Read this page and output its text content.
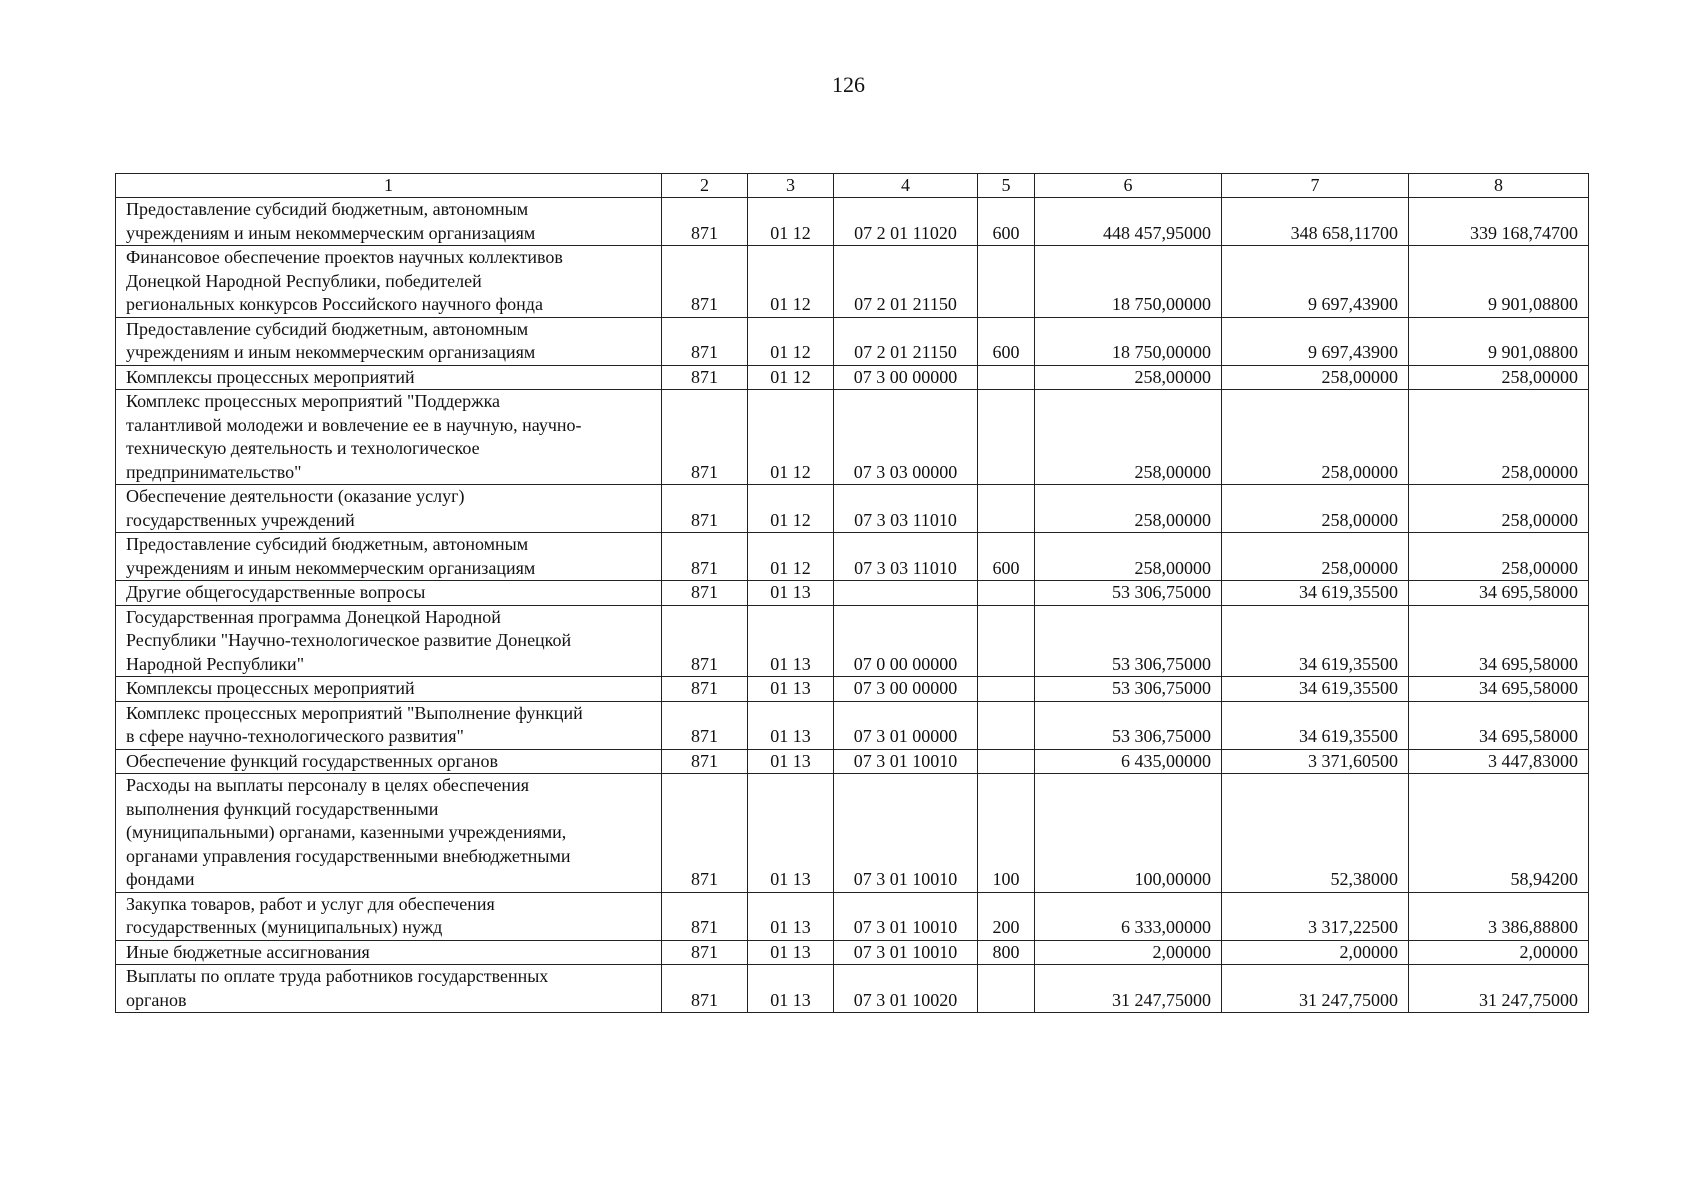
126
1	2	3	4	5	6	7	8
Предоставление субсидий бюджетным, автономным
учреждениям и иным некоммерческим организациям	871	01 12	07 2 01 11020	600	448 457,95000	348 658,11700	339 168,74700
Финансовое обеспечение проектов научных коллективов
Донецкой Народной Республики, победителей
региональных конкурсов Российского научного фонда	871	01 12	07 2 01 21150		18 750,00000	9 697,43900	9 901,08800
Предоставление субсидий бюджетным, автономным
учреждениям и иным некоммерческим организациям	871	01 12	07 2 01 21150	600	18 750,00000	9 697,43900	9 901,08800
Комплексы процессных мероприятий	871	01 12	07 3 00 00000		258,00000	258,00000	258,00000
Комплекс процессных мероприятий "Поддержка
талантливой молодежи и вовлечение ее в научную, научно-
техническую деятельность и технологическое
предпринимательство"	871	01 12	07 3 03 00000		258,00000	258,00000	258,00000
Обеспечение деятельности (оказание услуг)
государственных учреждений	871	01 12	07 3 03 11010		258,00000	258,00000	258,00000
Предоставление субсидий бюджетным, автономным
учреждениям и иным некоммерческим организациям	871	01 12	07 3 03 11010	600	258,00000	258,00000	258,00000
Другие общегосударственные вопросы	871	01 13			53 306,75000	34 619,35500	34 695,58000
Государственная программа Донецкой Народной
Республики "Научно-технологическое развитие Донецкой
Народной Республики"	871	01 13	07 0 00 00000		53 306,75000	34 619,35500	34 695,58000
Комплексы процессных мероприятий	871	01 13	07 3 00 00000		53 306,75000	34 619,35500	34 695,58000
Комплекс процессных мероприятий "Выполнение функций
в сфере научно-технологического развития"	871	01 13	07 3 01 00000		53 306,75000	34 619,35500	34 695,58000
Обеспечение функций государственных органов	871	01 13	07 3 01 10010		6 435,00000	3 371,60500	3 447,83000
Расходы на выплаты персоналу в целях обеспечения
выполнения функций государственными
(муниципальными) органами, казенными учреждениями,
органами управления государственными внебюджетными
фондами	871	01 13	07 3 01 10010	100	100,00000	52,38000	58,94200
Закупка товаров, работ и услуг для обеспечения
государственных (муниципальных) нужд	871	01 13	07 3 01 10010	200	6 333,00000	3 317,22500	3 386,88800
Иные бюджетные ассигнования	871	01 13	07 3 01 10010	800	2,00000	2,00000	2,00000
Выплаты по оплате труда работников государственных
органов	871	01 13	07 3 01 10020		31 247,75000	31 247,75000	31 247,75000
